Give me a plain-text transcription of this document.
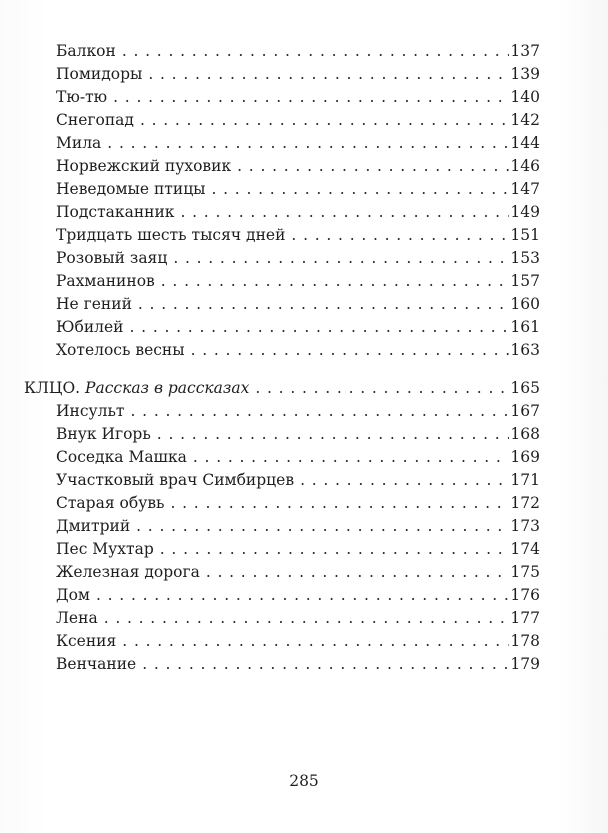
Балкон . . .	137
Помидоры . . .	139
Тю-тю . . .	140
Снегопад . . .	142
Мила . . .	144
Норвежский пуховик . . .	146
Неведомые птицы . . .	147
Подстаканник . . .	149
Тридцать шесть тысяч дней . . .	151
Розовый заяц . . .	153
Рахманинов . . .	157
Не гений . . .	160
Юбилей . . .	161
Хотелось весны . . .	163
КЛЦО. Рассказ в рассказах . . .	165
Инсульт . . .	167
Внук Игорь . . .	168
Соседка Машка . . .	169
Участковый врач Симбирцев . . .	171
Старая обувь . . .	172
Дмитрий . . .	173
Пес Мухтар . . .	174
Железная дорога . . .	175
Дом . . .	176
Лена . . .	177
Ксения . . .	178
Венчание . . .	179
285
